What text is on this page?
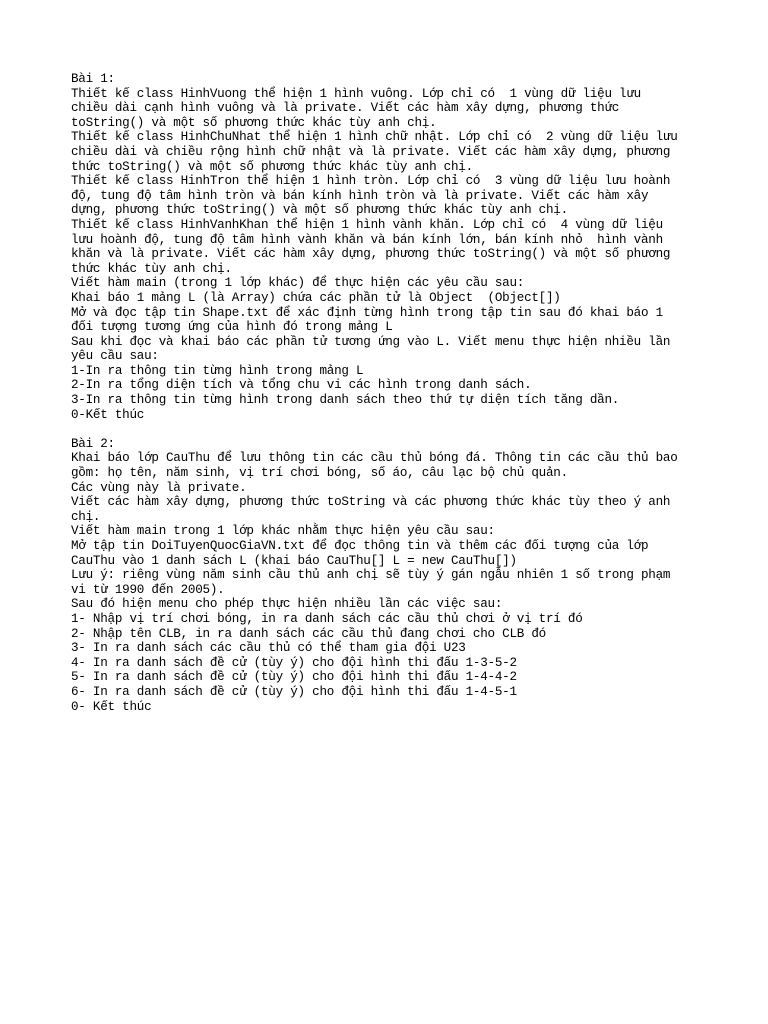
Bài 1:
Thiết kế class HinhVuong thể hiện 1 hình vuông. Lớp chỉ có  1 vùng dữ liệu lưu
chiều dài cạnh hình vuông và là private. Viết các hàm xây dựng, phương thức
toString() và một số phương thức khác tùy anh chị.
Thiết kế class HinhChuNhat thể hiện 1 hình chữ nhật. Lớp chỉ có  2 vùng dữ liệu lưu
chiều dài và chiều rộng hình chữ nhật và là private. Viết các hàm xây dựng, phương
thức toString() và một số phương thức khác tùy anh chị.
Thiết kế class HinhTron thể hiện 1 hình tròn. Lớp chỉ có  3 vùng dữ liệu lưu hoành
độ, tung độ tâm hình tròn và bán kính hình tròn và là private. Viết các hàm xây
dựng, phương thức toString() và một số phương thức khác tùy anh chị.
Thiết kế class HinhVanhKhan thể hiện 1 hình vành khăn. Lớp chỉ có  4 vùng dữ liệu
lưu hoành độ, tung độ tâm hình vành khăn và bán kính lớn, bán kính nhỏ  hình vành
khăn và là private. Viết các hàm xây dựng, phương thức toString() và một số phương
thức khác tùy anh chị.
Viết hàm main (trong 1 lớp khác) để thực hiện các yêu cầu sau:
Khai báo 1 mảng L (là Array) chứa các phần tử là Object  (Object[])
Mở và đọc tập tin Shape.txt để xác định từng hình trong tập tin sau đó khai báo 1
đối tượng tương ứng của hình đó trong mảng L
Sau khi đọc và khai báo các phần tử tương ứng vào L. Viết menu thực hiện nhiều lần
yêu cầu sau:
1-In ra thông tin từng hình trong mảng L
2-In ra tổng diện tích và tổng chu vi các hình trong danh sách.
3-In ra thông tin từng hình trong danh sách theo thứ tự diện tích tăng dần.
0-Kết thúc
Bài 2:
Khai báo lớp CauThu để lưu thông tin các cầu thủ bóng đá. Thông tin các cầu thủ bao
gồm: họ tên, năm sinh, vị trí chơi bóng, số áo, câu lạc bộ chủ quản.
Các vùng này là private.
Viết các hàm xây dựng, phương thức toString và các phương thức khác tùy theo ý anh
chị.
Viết hàm main trong 1 lớp khác nhằm thực hiện yêu cầu sau:
Mở tập tin DoiTuyenQuocGiaVN.txt để đọc thông tin và thêm các đối tượng của lớp
CauThu vào 1 danh sách L (khai báo CauThu[] L = new CauThu[])
Lưu ý: riêng vùng năm sinh cầu thủ anh chị sẽ tùy ý gán ngẫu nhiên 1 số trong phạm
vi từ 1990 đến 2005).
Sau đó hiện menu cho phép thực hiện nhiều lần các việc sau:
1- Nhập vị trí chơi bóng, in ra danh sách các cầu thủ chơi ở vị trí đó
2- Nhập tên CLB, in ra danh sách các cầu thủ đang chơi cho CLB đó
3- In ra danh sách các cầu thủ có thể tham gia đội U23
4- In ra danh sách đề cử (tùy ý) cho đội hình thi đấu 1-3-5-2
5- In ra danh sách đề cử (tùy ý) cho đội hình thi đấu 1-4-4-2
6- In ra danh sách đề cử (tùy ý) cho đội hình thi đấu 1-4-5-1
0- Kết thúc
